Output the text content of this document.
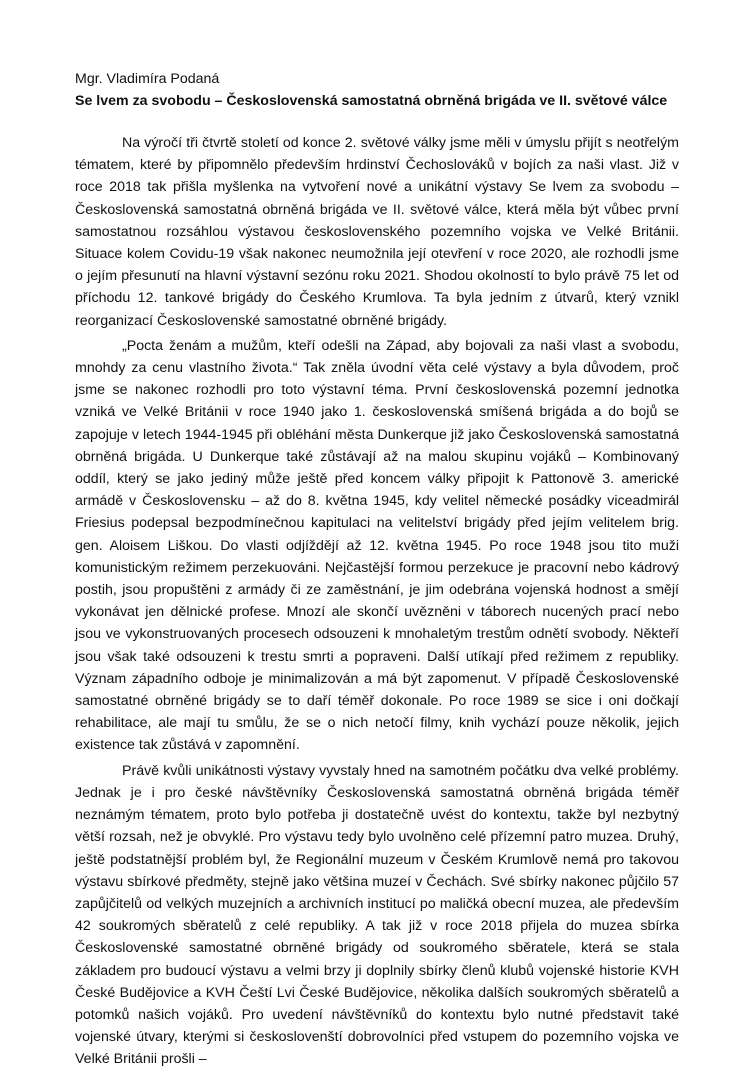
Mgr. Vladimíra Podaná

Se lvem za svobodu – Československá samostatná obrněná brigáda ve II. světové válce

Na výročí tři čtvrtě století od konce 2. světové války jsme měli v úmyslu přijít s neotřelým tématem, které by připomnělo především hrdinství Čechoslováků v bojích za naši vlast. Již v roce 2018 tak přišla myšlenka na vytvoření nové a unikátní výstavy Se lvem za svobodu – Československá samostatná obrněná brigáda ve II. světové válce, která měla být vůbec první samostatnou rozsáhlou výstavou československého pozemního vojska ve Velké Británii. Situace kolem Covidu-19 však nakonec neumožnila její otevření v roce 2020, ale rozhodli jsme o jejím přesunutí na hlavní výstavní sezónu roku 2021. Shodou okolností to bylo právě 75 let od příchodu 12. tankové brigády do Českého Krumlova. Ta byla jedním z útvarů, který vznikl reorganizací Československé samostatné obrněné brigády.

„Pocta ženám a mužům, kteří odešli na Západ, aby bojovali za naši vlast a svobodu, mnohdy za cenu vlastního života.“ Tak zněla úvodní věta celé výstavy a byla důvodem, proč jsme se nakonec rozhodli pro toto výstavní téma. První československá pozemní jednotka vzniká ve Velké Británii v roce 1940 jako 1. československá smíšená brigáda a do bojů se zapojuje v letech 1944-1945 při obléhání města Dunkerque již jako Československá samostatná obrněná brigáda. U Dunkerque také zůstávají až na malou skupinu vojáků – Kombinovaný oddíl, který se jako jediný může ještě před koncem války připojit k Pattonově 3. americké armádě v Československu – až do 8. května 1945, kdy velitel německé posádky viceadmirál Friesius podepsal bezpodmínečnou kapitulaci na velitelství brigády před jejím velitelem brig. gen. Aloisem Liškou. Do vlasti odjíždějí až 12. května 1945. Po roce 1948 jsou tito muži komunistickým režimem perzekuováni. Nejčastější formou perzekuce je pracovní nebo kádrový postih, jsou propuštěni z armády či ze zaměstnání, je jim odebrána vojenská hodnost a smějí vykonávat jen dělnické profese. Mnozí ale skončí uvězněni v táborech nucených prací nebo jsou ve vykonstruovaných procesech odsouzeni k mnohaletým trestům odnětí svobody. Někteří jsou však také odsouzeni k trestu smrti a popraveni. Další utíkají před režimem z republiky. Význam západního odboje je minimalizován a má být zapomenut. V případě Československé samostatné obrněné brigády se to daří téměř dokonale. Po roce 1989 se sice i oni dočkají rehabilitace, ale mají tu smůlu, že se o nich netočí filmy, knih vychází pouze několik, jejich existence tak zůstává v zapomnění.

Právě kvůli unikátnosti výstavy vyvstaly hned na samotném počátku dva velké problémy. Jednak je i pro české návštěvníky Československá samostatná obrněná brigáda téměř neznámým tématem, proto bylo potřeba ji dostatečně uvést do kontextu, takže byl nezbytný větší rozsah, než je obvyklé. Pro výstavu tedy bylo uvolněno celé přízemní patro muzea. Druhý, ještě podstatnější problém byl, že Regionální muzeum v Českém Krumlově nemá pro takovou výstavu sbírkové předměty, stejně jako většina muzeí v Čechách. Své sbírky nakonec půjčilo 57 zapůjčitelů od velkých muzejních a archivních institucí po maličká obecní muzea, ale především 42 soukromých sběratelů z celé republiky. A tak již v roce 2018 přijela do muzea sbírka Československé samostatné obrněné brigády od soukromého sběratele, která se stala základem pro budoucí výstavu a velmi brzy ji doplnily sbírky členů klubů vojenské historie KVH České Budějovice a KVH Čeští Lvi České Budějovice, několika dalších soukromých sběratelů a potomků našich vojáků. Pro uvedení návštěvníků do kontextu bylo nutné představit také vojenské útvary, kterými si českoslovenští dobrovolníci před vstupem do pozemního vojska ve Velké Británii prošli –
